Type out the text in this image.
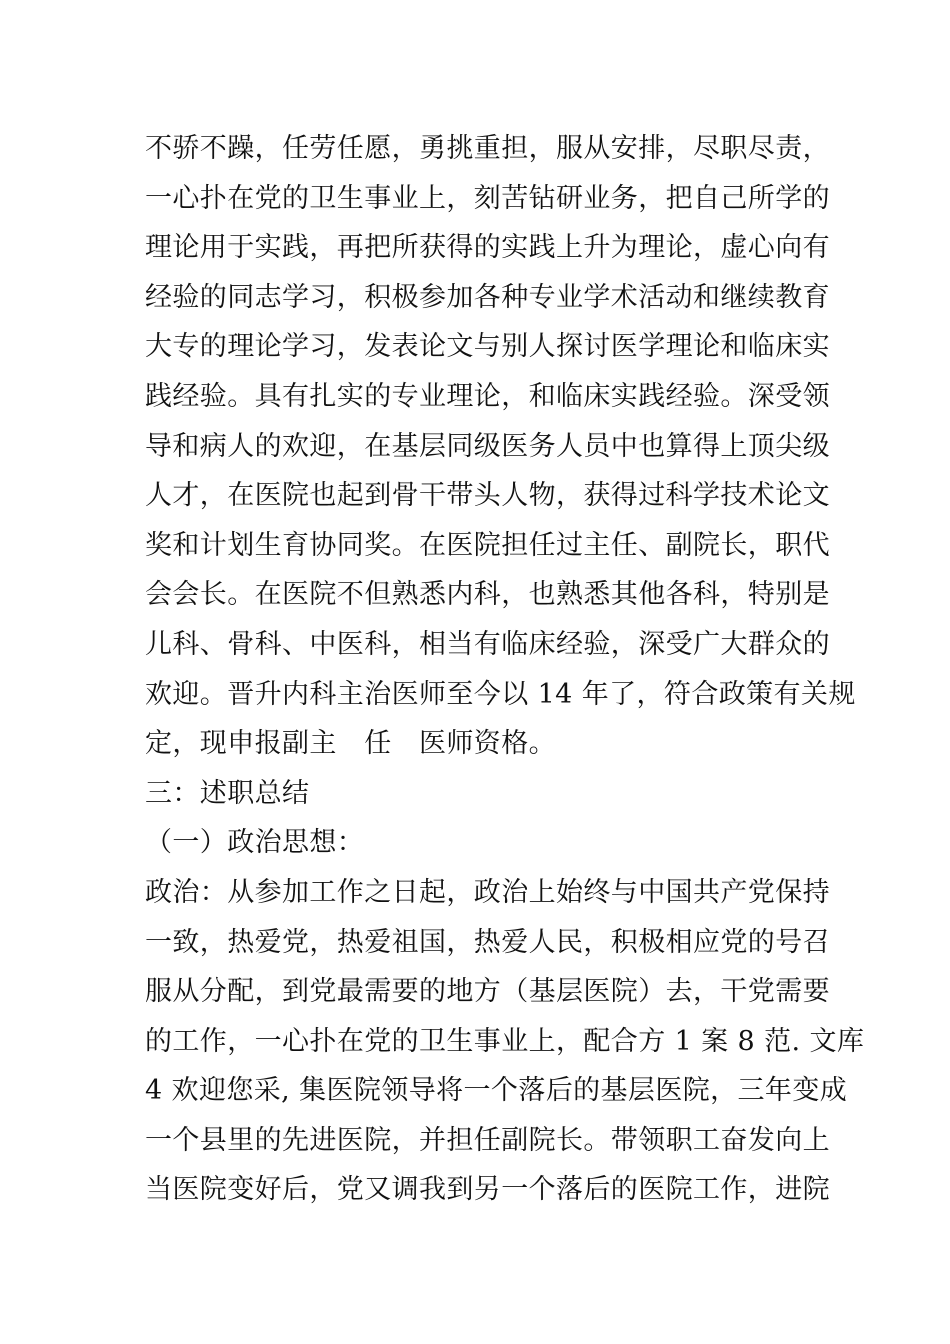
不骄不躁，任劳任愿，勇挑重担，服从安排，尽职尽责，
一心扑在党的卫生事业上，刻苦钻研业务，把自己所学的
理论用于实践，再把所获得的实践上升为理论，虚心向有
经验的同志学习，积极参加各种专业学术活动和继续教育
大专的理论学习，发表论文与别人探讨医学理论和临床实
践经验。具有扎实的专业理论，和临床实践经验。深受领
导和病人的欢迎，在基层同级医务人员中也算得上顶尖级
人才，在医院也起到骨干带头人物，获得过科学技术论文
奖和计划生育协同奖。在医院担任过主任、副院长，职代
会会长。在医院不但熟悉内科，也熟悉其他各科，特别是
儿科、骨科、中医科，相当有临床经验，深受广大群众的
欢迎。晋升内科主治医师至今以 14 年了，符合政策有关规
定，现申报副主　任　医师资格。
三：述职总结
（一）政治思想：
政治：从参加工作之日起，政治上始终与中国共产党保持
一致，热爱党，热爱祖国，热爱人民，积极相应党的号召
服从分配，到党最需要的地方（基层医院）去，干党需要
的工作，一心扑在党的卫生事业上，配合方 1 案 8 范. 文库
4 欢迎您采, 集医院领导将一个落后的基层医院，三年变成
一个县里的先进医院，并担任副院长。带领职工奋发向上
当医院变好后，党又调我到另一个落后的医院工作，进院
